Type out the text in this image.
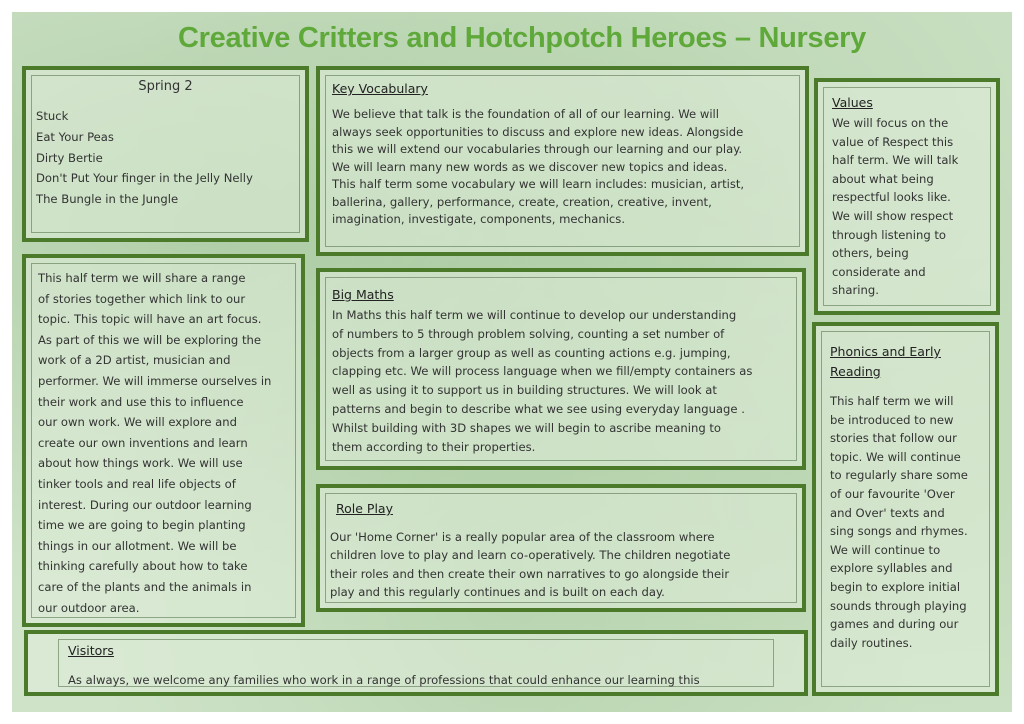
Creative Critters and Hotchpotch Heroes – Nursery
Spring 2
Stuck
Eat Your Peas
Dirty Bertie
Don't Put Your finger in the Jelly Nelly
The Bungle in the Jungle
Key Vocabulary
We believe that talk is the foundation of all of our learning. We will
always seek opportunities to discuss and explore new ideas. Alongside
this we will extend our vocabularies through our learning and our play.
We will learn many new words as we discover new topics and ideas.
This half term some vocabulary we will learn includes: musician, artist,
ballerina, gallery, performance, create, creation, creative, invent,
imagination, investigate, components, mechanics.
Values
We will focus on the
value of Respect this
half term. We will talk
about what being
respectful looks like.
We will show respect
through listening to
others, being
considerate and
sharing.
This half term we will share a range
of stories together which link to our
topic. This topic will have an art focus.
As part of this we will be exploring the
work of a 2D artist, musician and
performer. We will immerse ourselves in
their work and use this to influence
our own work. We will explore and
create our own inventions and learn
about how things work. We will use
tinker tools and real life objects of
interest. During our outdoor learning
time we are going to begin planting
things in our allotment. We will be
thinking carefully about how to take
care of the plants and the animals in
our outdoor area.
Big Maths
In Maths this half term we will continue to develop our understanding
of numbers to 5 through problem solving, counting a set number of
objects from a larger group as well as counting actions e.g. jumping,
clapping etc. We will process language when we fill/empty containers as
well as using it to support us in building structures. We will look at
patterns and begin to describe what we see using everyday language .
Whilst building with 3D shapes we will begin to ascribe meaning to
them according to their properties.
Phonics and Early
Reading
This half term we will
be introduced to new
stories that follow our
topic. We will continue
to regularly share some
of our favourite 'Over
and Over' texts and
sing songs and rhymes.
We will continue to
explore syllables and
begin to explore initial
sounds through playing
games and during our
daily routines.
Role Play
Our 'Home Corner' is a really popular area of the classroom where
children love to play and learn co-operatively. The children negotiate
their roles and then create their own narratives to go alongside their
play and this regularly continues and is built on each day.
Visitors
As always, we welcome any families who work in a range of professions that could enhance our learning this
